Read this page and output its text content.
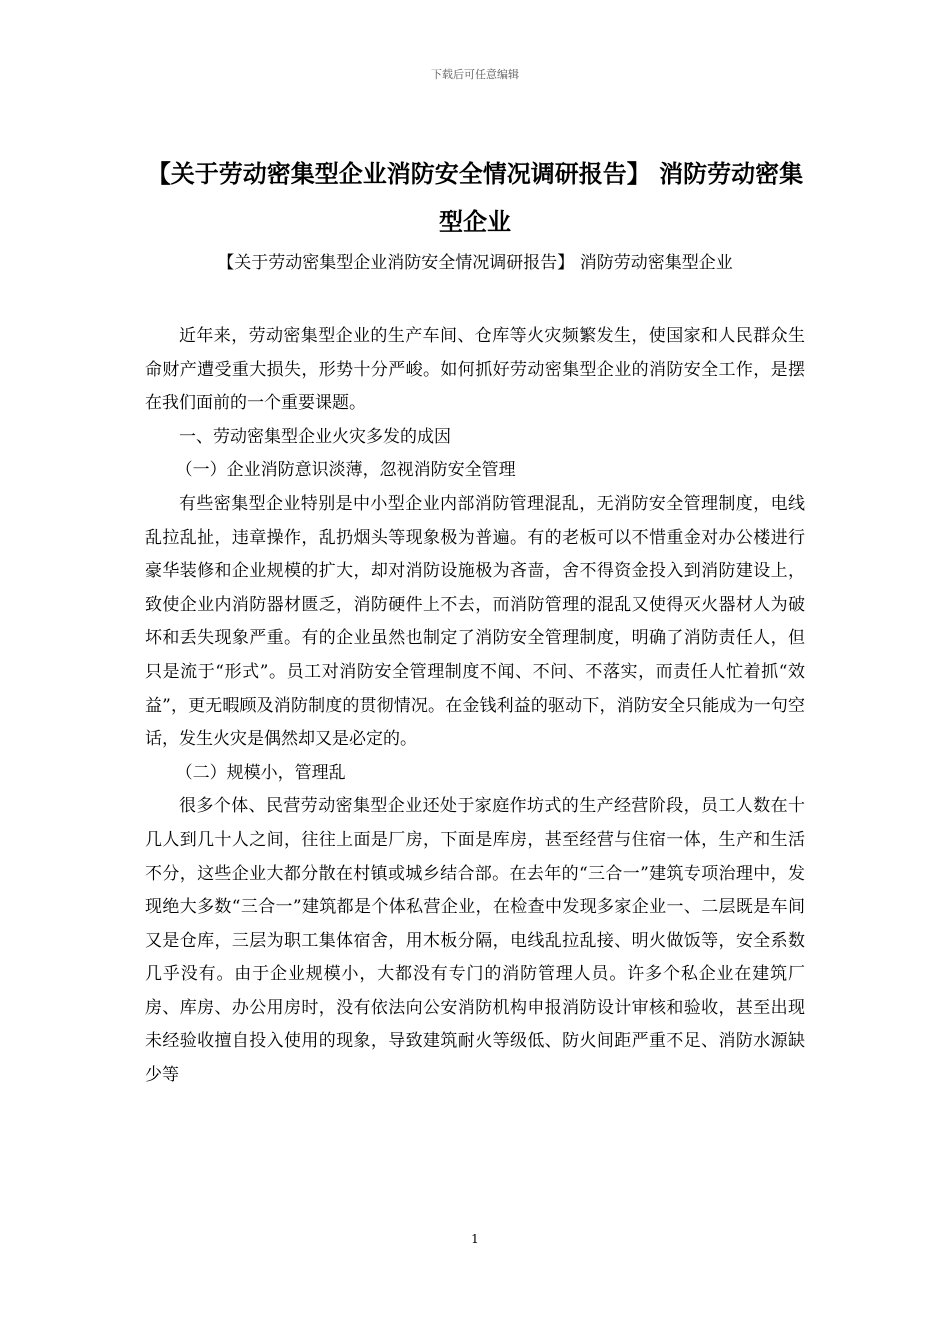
下载后可任意编辑
【关于劳动密集型企业消防安全情况调研报告】 消防劳动密集型企业
【关于劳动密集型企业消防安全情况调研报告】 消防劳动密集型企业

近年来，劳动密集型企业的生产车间、仓库等火灾频繁发生，使国家和人民群众生命财产遭受重大损失，形势十分严峻。如何抓好劳动密集型企业的消防安全工作，是摆在我们面前的一个重要课题。

一、劳动密集型企业火灾多发的成因

（一）企业消防意识淡薄，忽视消防安全管理

有些密集型企业特别是中小型企业内部消防管理混乱，无消防安全管理制度，电线乱拉乱扯，违章操作，乱扔烟头等现象极为普遍。有的老板可以不惜重金对办公楼进行豪华装修和企业规模的扩大，却对消防设施极为吝啬，舍不得资金投入到消防建设上，致使企业内消防器材匮乏，消防硬件上不去，而消防管理的混乱又使得灭火器材人为破坏和丢失现象严重。有的企业虽然也制定了消防安全管理制度，明确了消防责任人，但只是流于“形式”。员工对消防安全管理制度不闻、不问、不落实，而责任人忙着抓“效益”，更无暇顾及消防制度的贯彻情况。在金钱利益的驱动下，消防安全只能成为一句空话，发生火灾是偶然却又是必定的。

（二）规模小，管理乱

很多个体、民营劳动密集型企业还处于家庭作坊式的生产经营阶段，员工人数在十几人到几十人之间，往往上面是厂房，下面是库房，甚至经营与住宿一体，生产和生活不分，这些企业大都分散在村镇或城乡结合部。在去年的“三合一”建筑专项治理中，发现绝大多数“三合一”建筑都是个体私营企业，在检查中发现多家企业一、二层既是车间又是仓库，三层为职工集体宿舍，用木板分隔，电线乱拉乱接、明火做饭等，安全系数几乎没有。由于企业规模小，大都没有专门的消防管理人员。许多个私企业在建筑厂房、库房、办公用房时，没有依法向公安消防机构申报消防设计审核和验收，甚至出现未经验收擅自投入使用的现象，导致建筑耐火等级低、防火间距严重不足、消防水源缺少等

1
